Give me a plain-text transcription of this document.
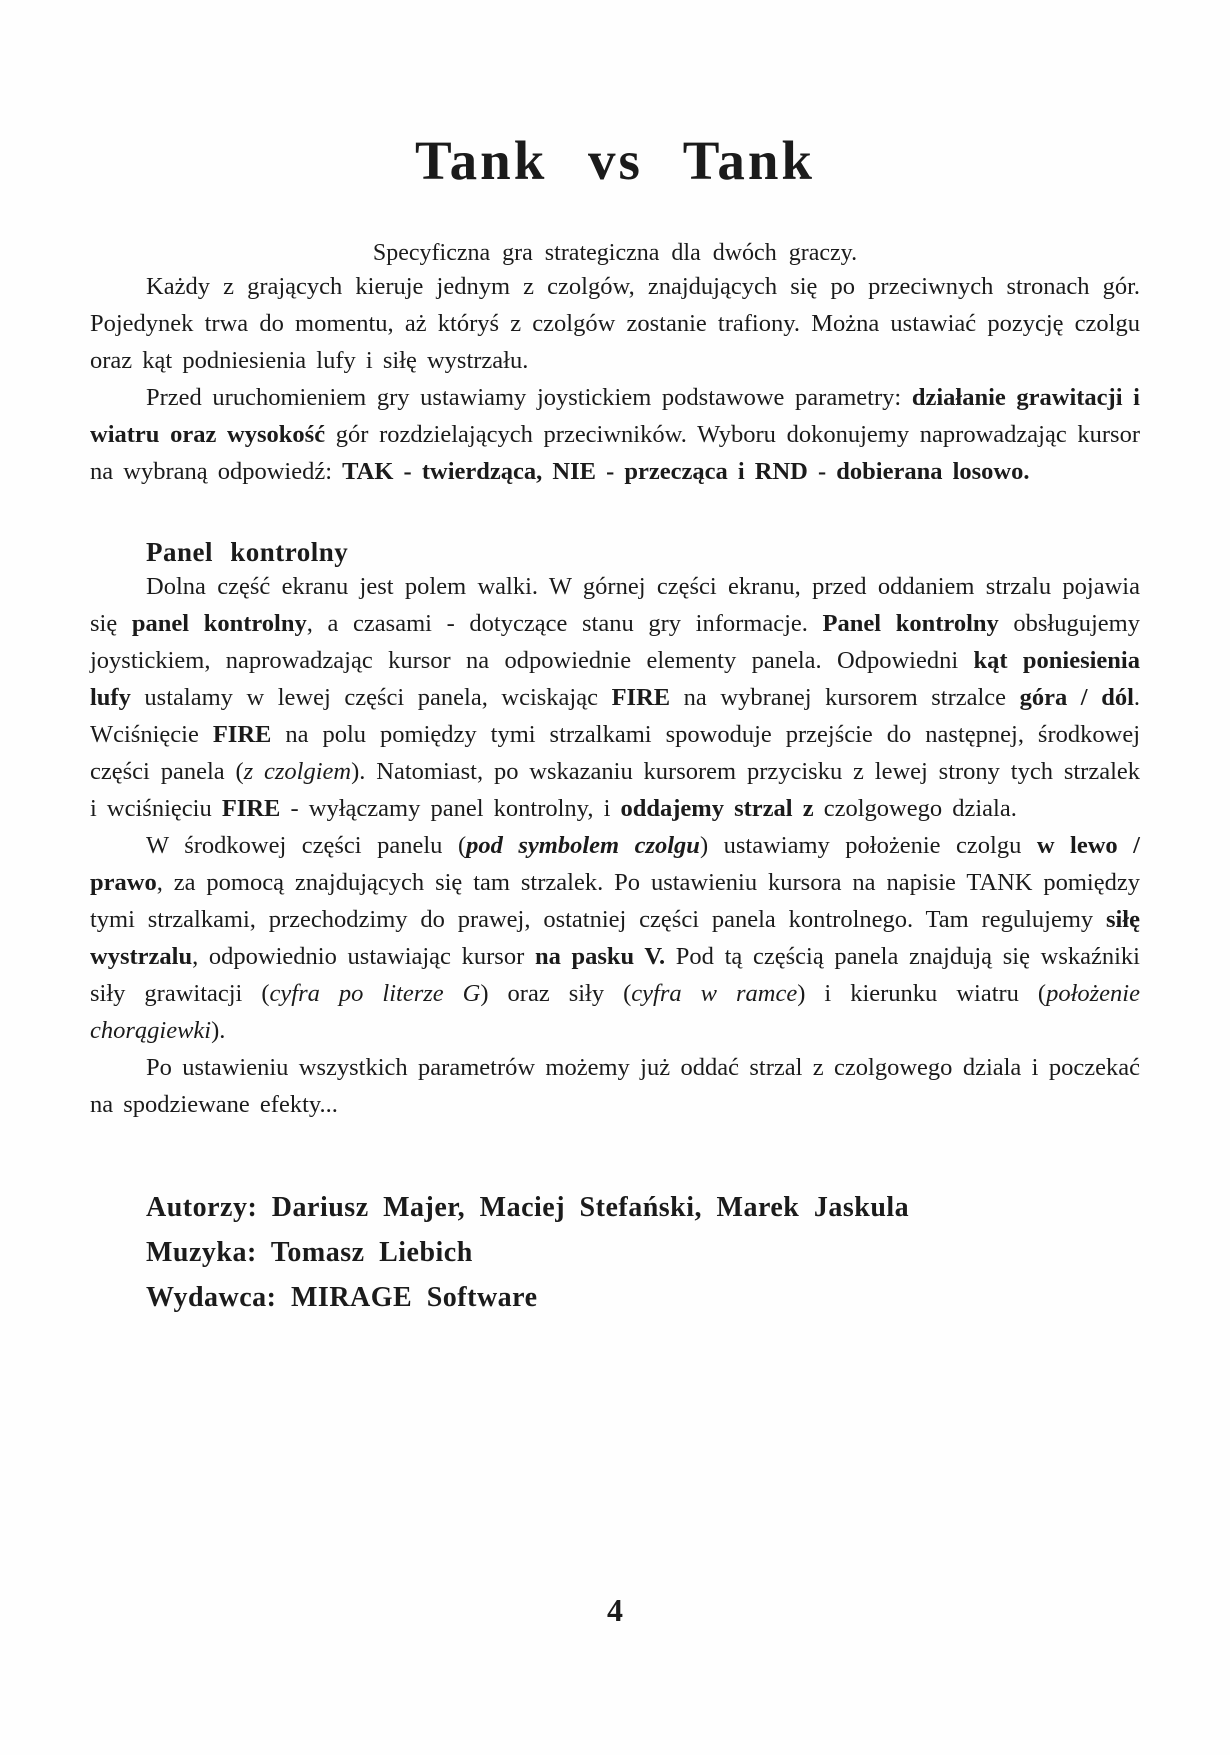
Tank vs Tank

Specyficzna gra strategiczna dla dwóch graczy.

Każdy z grających kieruje jednym z czolgów, znajdujących się po przeciwnych stronach gór. Pojedynek trwa do momentu, aż któryś z czolgów zostanie trafiony. Można ustawiać pozycję czolgu oraz kąt podniesienia lufy i siłę wystrzału.

Przed uruchomieniem gry ustawiamy joystickiem podstawowe parametry: działanie grawitacji i wiatru oraz wysokość gór rozdzielających przeciwników. Wyboru dokonujemy naprowadzając kursor na wybraną odpowiedź: TAK - twierdząca, NIE - przecząca i RND - dobierana losowo.

Panel kontrolny

Dolna część ekranu jest polem walki. W górnej części ekranu, przed oddaniem strzalu pojawia się panel kontrolny, a czasami - dotyczące stanu gry informacje. Panel kontrolny obsługujemy joystickiem, naprowadzając kursor na odpowiednie elementy panela. Odpowiedni kąt poniesienia lufy ustalamy w lewej części panela, wciskając FIRE na wybranej kursorem strzalce góra / dól. Wciśnięcie FIRE na polu pomiędzy tymi strzalkami spowoduje przejście do następnej, środkowej części panela (z czolgiem). Natomiast, po wskazaniu kursorem przycisku z lewej strony tych strzalek i wciśnięciu FIRE - wyłączamy panel kontrolny, i oddajemy strzal z czolgowego dziala.

W środkowej części panelu (pod symbolem czolgu) ustawiamy położenie czolgu w lewo / prawo, za pomocą znajdujących się tam strzalek. Po ustawieniu kursora na napisie TANK pomiędzy tymi strzalkami, przechodzimy do prawej, ostatniej części panela kontrolnego. Tam regulujemy siłę wystrzalu, odpowiednio ustawiając kursor na pasku V. Pod tą częścią panela znajdują się wskaźniki siły grawitacji (cyfra po literze G) oraz siły (cyfra w ramce) i kierunku wiatru (położenie chorągiewki).

Po ustawieniu wszystkich parametrów możemy już oddać strzal z czolgowego dziala i poczekać na spodziewane efekty...

Autorzy: Dariusz Majer, Maciej Stefański, Marek Jaskula

Muzyka: Tomasz Liebich

Wydawca: MIRAGE Software

4
